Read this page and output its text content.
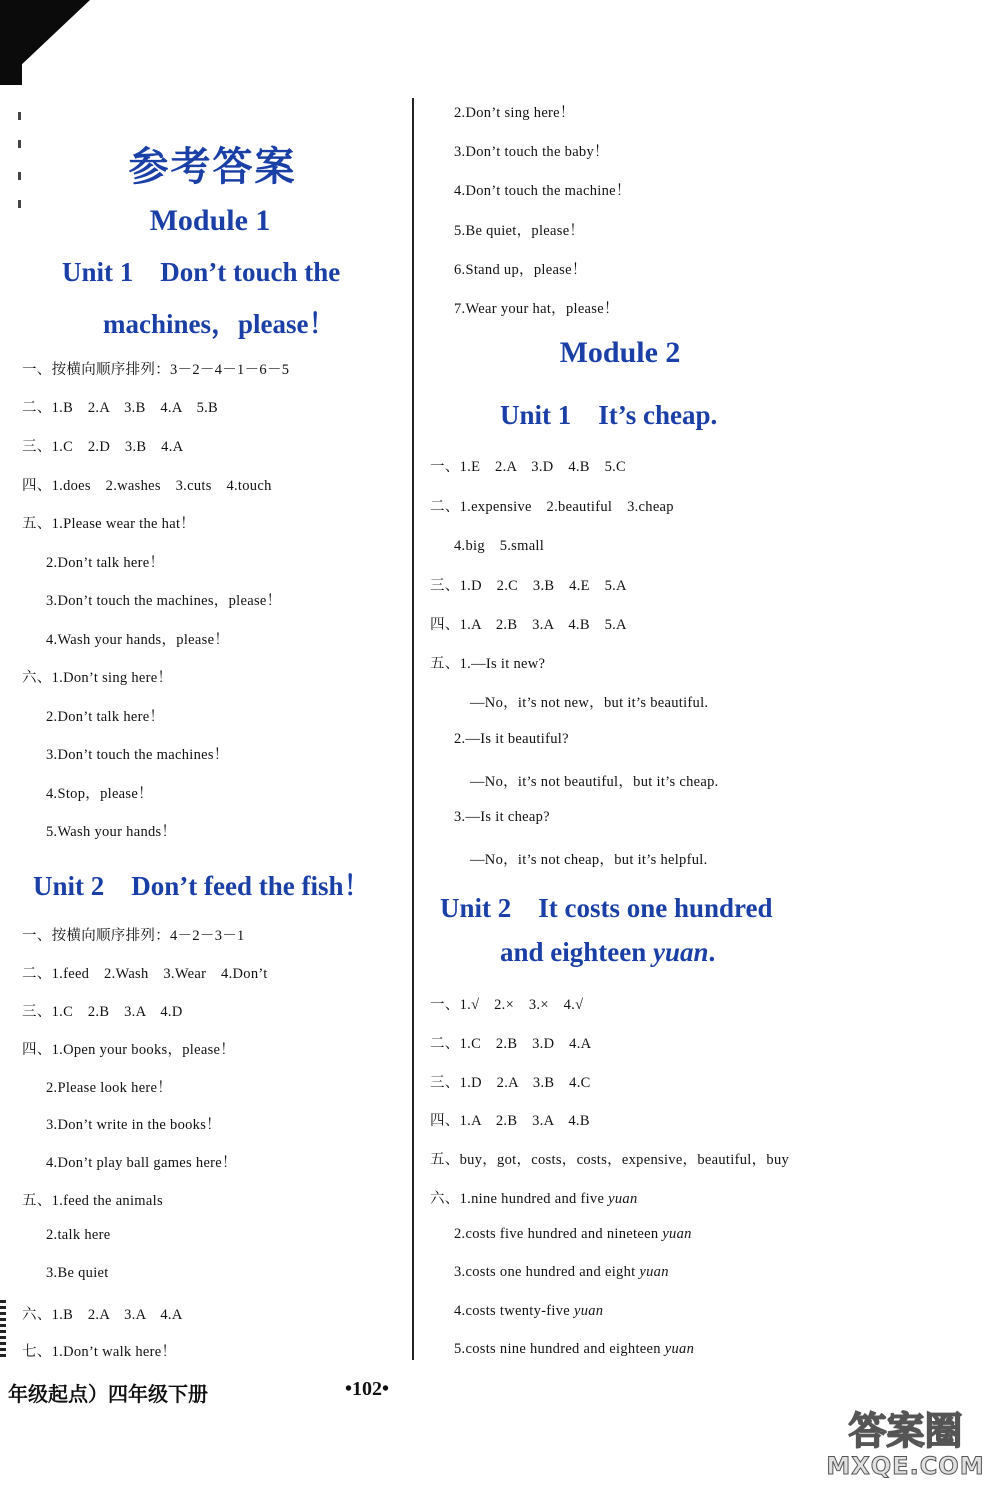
参考答案
Module 1
Unit 1　Don’t touch the
machines，please！
一、按横向顺序排列：3－2－4－1－6－5
二、1.B　2.A　3.B　4.A　5.B
三、1.C　2.D　3.B　4.A
四、1.does　2.washes　3.cuts　4.touch
五、1.Please wear the hat！
2.Don’t talk here！
3.Don’t touch the machines，please！
4.Wash your hands，please！
六、1.Don’t sing here！
2.Don’t talk here！
3.Don’t touch the machines！
4.Stop，please！
5.Wash your hands！
Unit 2　Don’t feed the fish！
一、按横向顺序排列：4－2－3－1
二、1.feed　2.Wash　3.Wear　4.Don’t
三、1.C　2.B　3.A　4.D
四、1.Open your books，please！
2.Please look here！
3.Don’t write in the books！
4.Don’t play ball games here！
五、1.feed the animals
2.talk here
3.Be quiet
六、1.B　2.A　3.A　4.A
七、1.Don’t walk here！
2.Don’t sing here！
3.Don’t touch the baby！
4.Don’t touch the machine！
5.Be quiet，please！
6.Stand up，please！
7.Wear your hat，please！
Module 2
Unit 1　It’s cheap.
一、1.E　2.A　3.D　4.B　5.C
二、1.expensive　2.beautiful　3.cheap
4.big　5.small
三、1.D　2.C　3.B　4.E　5.A
四、1.A　2.B　3.A　4.B　5.A
五、1.—Is it new?
—No，it’s not new，but it’s beautiful.
2.—Is it beautiful?
—No，it’s not beautiful，but it’s cheap.
3.—Is it cheap?
—No，it’s not cheap，but it’s helpful.
Unit 2　It costs one hundred
and eighteen yuan.
一、1.√　2.×　3.×　4.√
二、1.C　2.B　3.D　4.A
三、1.D　2.A　3.B　4.C
四、1.A　2.B　3.A　4.B
五、buy，got，costs，costs，expensive，beautiful，buy
六、1.nine hundred and five yuan
2.costs five hundred and nineteen yuan
3.costs one hundred and eight yuan
4.costs twenty-five yuan
5.costs nine hundred and eighteen yuan
年级起点）四年级下册	•102•
答案圈
MXQE.COM
